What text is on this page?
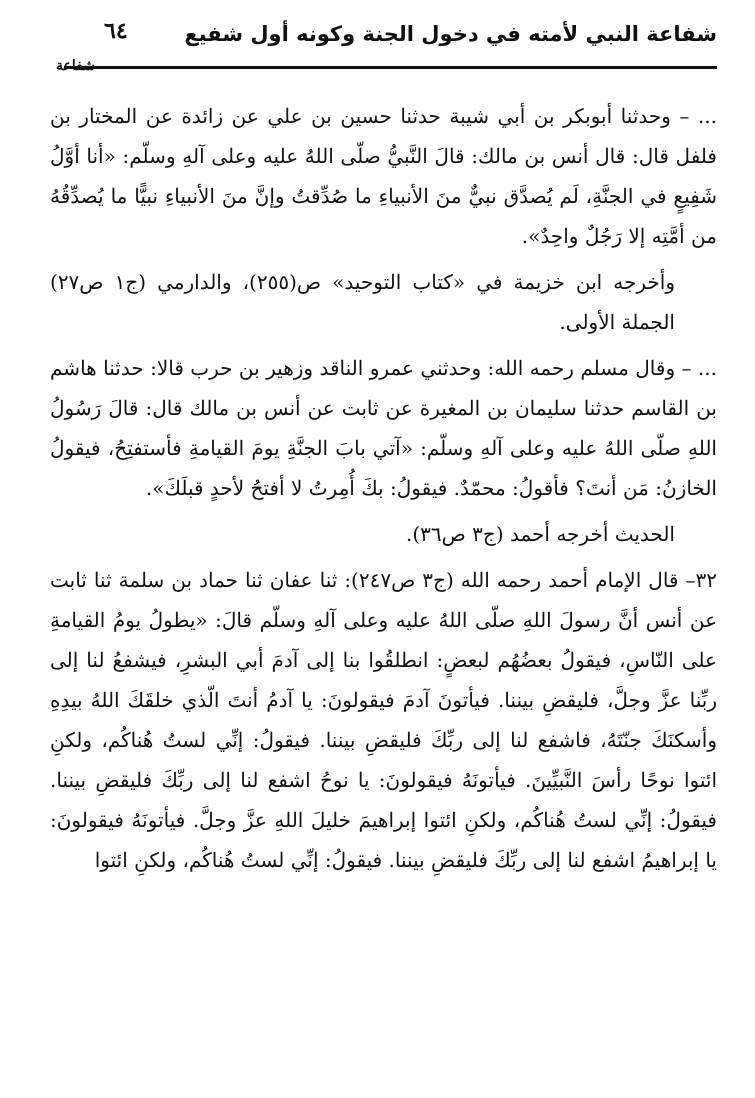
شفاعة النبي لأمته في دخول الجنة وكونه أول شفيع
٦٤
شفاعة

... – وحدثنا أبوبكر بن أبي شيبة حدثنا حسين بن علي عن زائدة عن المختار بن فلفل قال: قال أنس بن مالك: قالَ النَّبيُّ صلّى اللهُ عليه وعلى آلهِ وسلّم: «أنا أوَّلُ شَفِيعٍ في الجنَّةِ، لَم يُصدَّق نبيٌّ منَ الأنبياءِ ما صُدِّقتُ وإنَّ منَ الأنبياءِ نبيًّا ما يُصدِّقُهُ من أمَّتِه إلا رَجُلٌ واحِدٌ».

وأخرجه ابن خزيمة في «كتاب التوحيد» ص(٢٥٥)، والدارمي (ج١ ص٢٧) الجملة الأولى.

... – وقال مسلم رحمه الله: وحدثني عمرو الناقد وزهير بن حرب قالا: حدثنا هاشم بن القاسم حدثنا سليمان بن المغيرة عن ثابت عن أنس بن مالك قال: قالَ رَسُولُ اللهِ صلّى اللهُ عليه وعلى آلهِ وسلّم: «آتي بابَ الجنَّةِ يومَ القيامةِ فأستفتِحُ، فيقولُ الخازنُ: مَن أنتَ؟ فأقولُ: محمّدٌ. فيقولُ: بكَ أُمِرتُ لا أفتحُ لأحدٍ قبلَكَ».

الحديث أخرجه أحمد (ج٣ ص٣٦).

٣٢– قال الإمام أحمد رحمه الله (ج٣ ص٢٤٧): ثنا عفان ثنا حماد بن سلمة ثنا ثابت عن أنس أنَّ رسولَ اللهِ صلّى اللهُ عليه وعلى آلهِ وسلّم قالَ: «يطولُ يومُ القيامةِ على النّاسِ، فيقولُ بعضُهُم لبعضٍ: انطلقُوا بنا إلى آدمَ أبي البشرِ، فيشفعُ لنا إلى ربِّنا عزَّ وجلَّ، فليقضِ بيننا. فيأتونَ آدمَ فيقولونَ: يا آدمُ أنتَ الّذي خلقَكَ اللهُ بيدِهِ وأسكنَكَ جنّتَهُ، فاشفع لنا إلى ربِّكَ فليقضِ بيننا. فيقولُ: إنِّي لستُ هُناكُم، ولكنِ ائتوا نوحًا رأسَ النَّبيِّينَ. فيأتونَهُ فيقولونَ: يا نوحُ اشفع لنا إلى ربِّكَ فليقضِ بيننا. فيقولُ: إنِّي لستُ هُناكُم، ولكنِ ائتوا إبراهيمَ خليلَ اللهِ عزَّ وجلَّ. فيأتونَهُ فيقولونَ: يا إبراهيمُ اشفع لنا إلى ربِّكَ فليقضِ بيننا. فيقولُ: إنِّي لستُ هُناكُم، ولكنِ ائتوا
